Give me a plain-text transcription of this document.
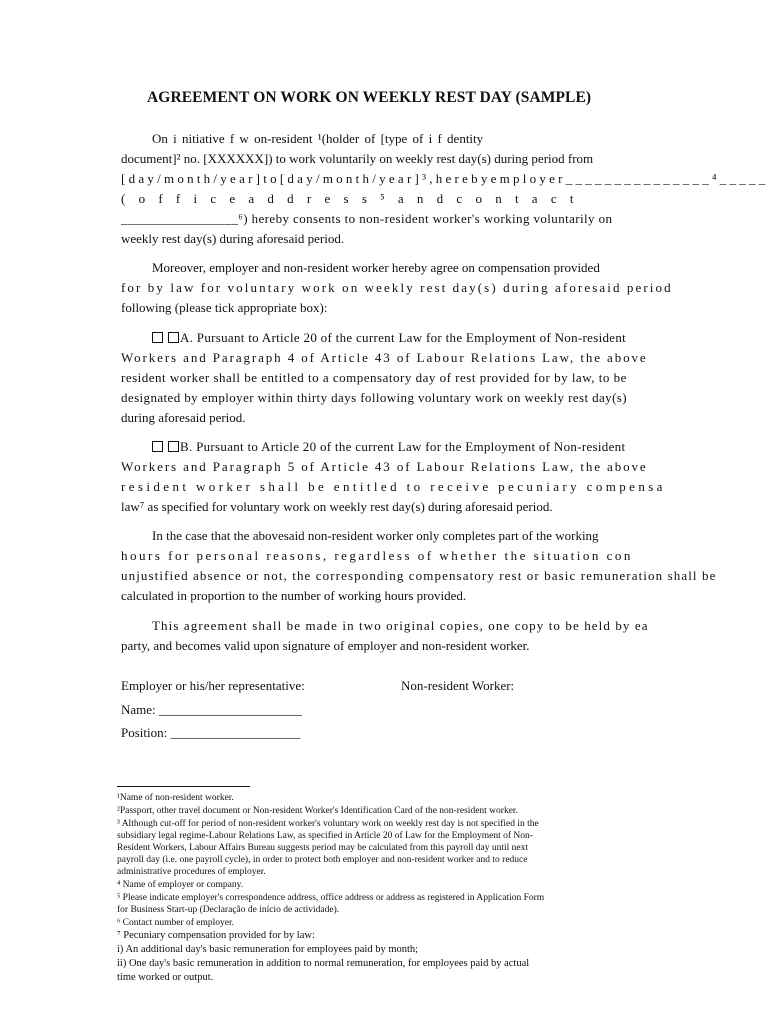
AGREEMENT ON WORK ON WEEKLY REST DAY (SAMPLE)
On i nitiative f w on-resident ¹(holder of [type of i f dentity
document]² no. [XXXXXX]) to work voluntarily on weekly rest day(s) during period from
[ d a y / m o n t h / y e a r ] t o [ d a y / m o n t h / y e a r ] ³ , h e r e b y e m p l o y e r _ _ _ _ _ _ _ _ _ _ _ _ _ _ _ ⁴ _ _ _ _ _
( o f f i c e a d d r e s s ⁵ a n d c o n t a c t
_________________⁶) hereby consents to non-resident worker's working voluntarily on
weekly rest day(s) during aforesaid period.
Moreover, employer and non-resident worker hereby agree on compensation provided
for by law for voluntary work on weekly rest day(s) during aforesaid period
following (please tick appropriate box):
A. Pursuant to Article 20 of the current Law for the Employment of Non-resident
Workers and Paragraph 4 of Article 43 of Labour Relations Law, the above
resident worker shall be entitled to a compensatory day of rest provided for by law, to be
designated by employer within thirty days following voluntary work on weekly rest day(s)
during aforesaid period.
B. Pursuant to Article 20 of the current Law for the Employment of Non-resident
Workers and Paragraph 5 of Article 43 of Labour Relations Law, the above
resident worker shall be entitled to receive pecuniary compensa
law⁷ as specified for voluntary work on weekly rest day(s) during aforesaid period.
In the case that the abovesaid non-resident worker only completes part of the working
hours for personal reasons, regardless of whether the situation con
unjustified absence or not, the corresponding compensatory rest or basic remuneration shall be
calculated in proportion to the number of working hours provided.
This agreement shall be made in two original copies, one copy to be held by ea
party, and becomes valid upon signature of employer and non-resident worker.
Employer or his/her representative:	Non-resident Worker:
Name: ______________________
Position: ____________________
¹Name of non-resident worker.
²Passport, other travel document or Non-resident Worker's Identification Card of the non-resident worker.
³ Although cut-off for period of non-resident worker's voluntary work on weekly rest day is not specified in the
subsidiary legal regime-Labour Relations Law, as specified in Article 20 of Law for the Employment of Non-
Resident Workers, Labour Affairs Bureau suggests period may be calculated from this payroll day until next
payroll day (i.e. one payroll cycle), in order to protect both employer and non-resident worker and to reduce
administrative procedures of employer.
⁴ Name of employer or company.
⁵ Please indicate employer's correspondence address, office address or address as registered in Application Form
for Business Start-up (Declaração de início de actividade).
⁶ Contact number of employer.
⁷ Pecuniary compensation provided for by law:
i) An additional day's basic remuneration for employees paid by month;
ii) One day's basic remuneration in addition to normal remuneration, for employees paid by actual
time worked or output.
